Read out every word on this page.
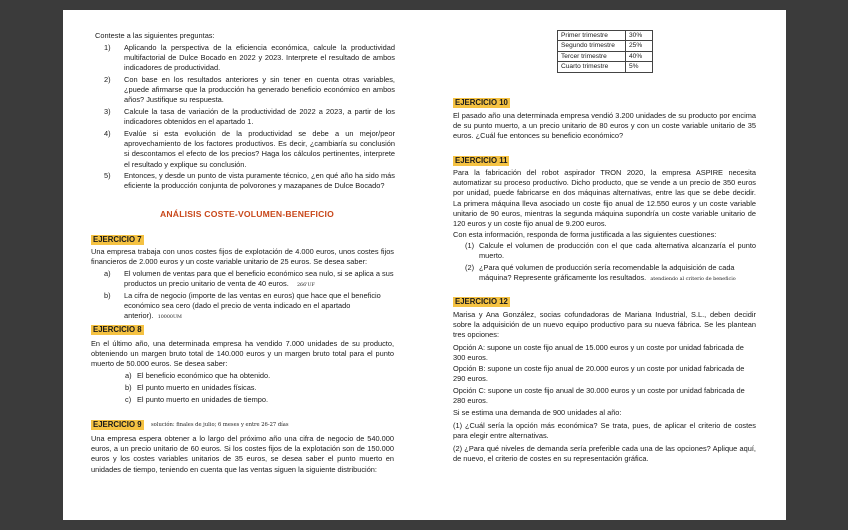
Conteste a las siguientes preguntas:

1) Aplicando la perspectiva de la eficiencia económica, calcule la productividad multifactorial de Dulce Bocado en 2022 y 2023. Interprete el resultado de ambos indicadores de productividad.
2) Con base en los resultados anteriores y sin tener en cuenta otras variables, ¿puede afirmarse que la producción ha generado beneficio económico en ambos años? Justifique su respuesta.
3) Calcule la tasa de variación de la productividad de 2022 a 2023, a partir de los indicadores obtenidos en el apartado 1.
4) Evalúe si esta evolución de la productividad se debe a un mejor/peor aprovechamiento de los factores productivos. Es decir, ¿cambiaría su conclusión si descontamos el efecto de los precios? Haga los cálculos pertinentes, interprete el resultado y explique su conclusión.
5) Entonces, y desde un punto de vista puramente técnico, ¿en qué año ha sido más eficiente la producción conjunta de polvorones y mazapanes de Dulce Bocado?
ANÁLISIS COSTE-VOLUMEN-BENEFICIO
EJERCICIO 7

Una empresa trabaja con unos costes fijos de explotación de 4.000 euros, unos costes fijos financieros de 2.000 euros y un coste variable unitario de 25 euros. Se desea saber:

a) El volumen de ventas para que el beneficio económico sea nulo, si se aplica a sus productos un precio unitario de venta de 40 euros. 266'UF
b) La cifra de negocio (importe de las ventas en euros) que hace que el beneficio económico sea cero (dado el precio de venta indicado en el apartado anterior). 10000UM
EJERCICIO 8

En el último año, una determinada empresa ha vendido 7.000 unidades de su producto, obteniendo un margen bruto total de 140.000 euros y un margen bruto total para el punto muerto de 50.000 euros. Se desea saber:

a) El beneficio económico que ha obtenido.
b) El punto muerto en unidades físicas.
c) El punto muerto en unidades de tiempo.
EJERCICIO 9	solución: finales de julio; 6 meses y entre 26-27 días

Una empresa espera obtener a lo largo del próximo año una cifra de negocio de 540.000 euros, a un precio unitario de 60 euros. Si los costes fijos de la explotación son de 150.000 euros y los costes variables unitarios de 35 euros, se desea saber el punto muerto en unidades de tiempo, teniendo en cuenta que las ventas siguen la siguiente distribución:

Primer trimestre	30%
Segundo trimestre	25%
Tercer trimestre	40%
Cuarto trimestre	5%
EJERCICIO 10

El pasado año una determinada empresa vendió 3.200 unidades de su producto por encima de su punto muerto, a un precio unitario de 80 euros y con un coste variable unitario de 35 euros. ¿Cuál fue entonces su beneficio económico?

EJERCICIO 11

Para la fabricación del robot aspirador TRON 2020, la empresa ASPIRE necesita automatizar su proceso productivo. Dicho producto, que se vende a un precio de 350 euros por unidad, puede fabricarse en dos máquinas alternativas, entre las que se debe decidir. La primera máquina lleva asociado un coste fijo anual de 12.550 euros y un coste variable unitario de 90 euros, mientras la segunda máquina supondría un coste variable unitario de 120 euros y un coste fijo anual de 9.200 euros.

Con esta información, responda de forma justificada a las siguientes cuestiones:

(1) Calcule el volumen de producción con el que cada alternativa alcanzaría el punto muerto.
(2) ¿Para qué volumen de producción sería recomendable la adquisición de cada máquina? Represente gráficamente los resultados. atendiendo al criterio de beneficio
EJERCICIO 12

Marisa y Ana González, socias cofundadoras de Mariana Industrial, S.L., deben decidir sobre la adquisición de un nuevo equipo productivo para su nueva fábrica. Se les plantean tres opciones:

Opción A: supone un coste fijo anual de 15.000 euros y un coste por unidad fabricada de 300 euros.

Opción B: supone un coste fijo anual de 20.000 euros y un coste por unidad fabricada de 290 euros.

Opción C: supone un coste fijo anual de 30.000 euros y un coste por unidad fabricada de 280 euros.

Si se estima una demanda de 900 unidades al año:

(1) ¿Cuál sería la opción más económica? Se trata, pues, de aplicar el criterio de costes para elegir entre alternativas.

(2) ¿Para qué niveles de demanda sería preferible cada una de las opciones? Aplique aquí, de nuevo, el criterio de costes en su representación gráfica.
